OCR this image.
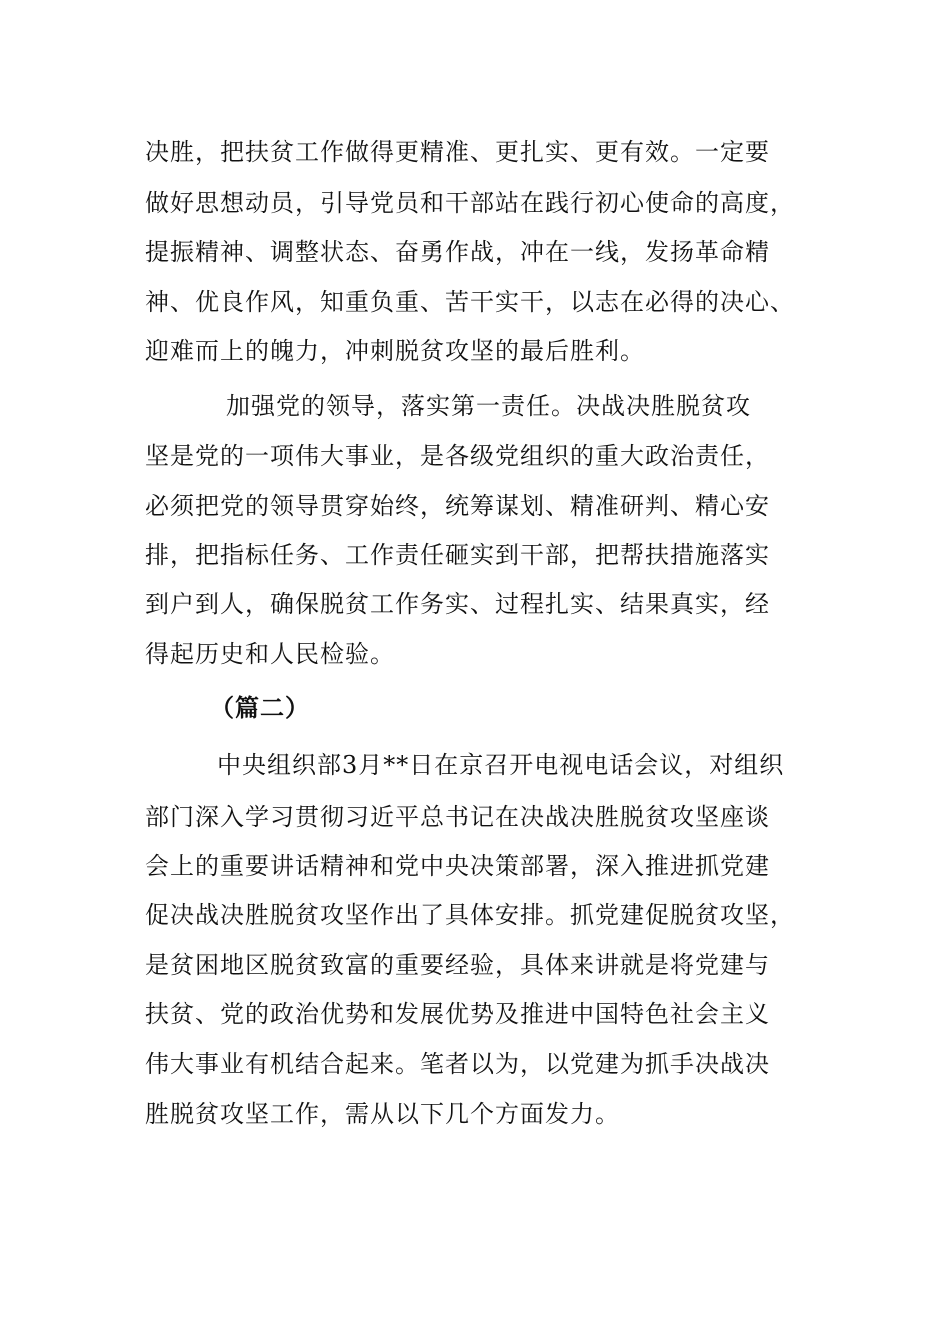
决胜，把扶贫工作做得更精准、更扎实、更有效。一定要
做好思想动员，引导党员和干部站在践行初心使命的高度，
提振精神、调整状态、奋勇作战，冲在一线，发扬革命精
神、优良作风，知重负重、苦干实干，以志在必得的决心、
迎难而上的魄力，冲刺脱贫攻坚的最后胜利。
加强党的领导，落实第一责任。决战决胜脱贫攻
坚是党的一项伟大事业，是各级党组织的重大政治责任，
必须把党的领导贯穿始终，统筹谋划、精准研判、精心安
排，把指标任务、工作责任砸实到干部，把帮扶措施落实
到户到人，确保脱贫工作务实、过程扎实、结果真实，经
得起历史和人民检验。
（篇二）
中央组织部3月**日在京召开电视电话会议，对组织
部门深入学习贯彻习近平总书记在决战决胜脱贫攻坚座谈
会上的重要讲话精神和党中央决策部署，深入推进抓党建
促决战决胜脱贫攻坚作出了具体安排。抓党建促脱贫攻坚，
是贫困地区脱贫致富的重要经验，具体来讲就是将党建与
扶贫、党的政治优势和发展优势及推进中国特色社会主义
伟大事业有机结合起来。笔者以为，以党建为抓手决战决
胜脱贫攻坚工作，需从以下几个方面发力。
